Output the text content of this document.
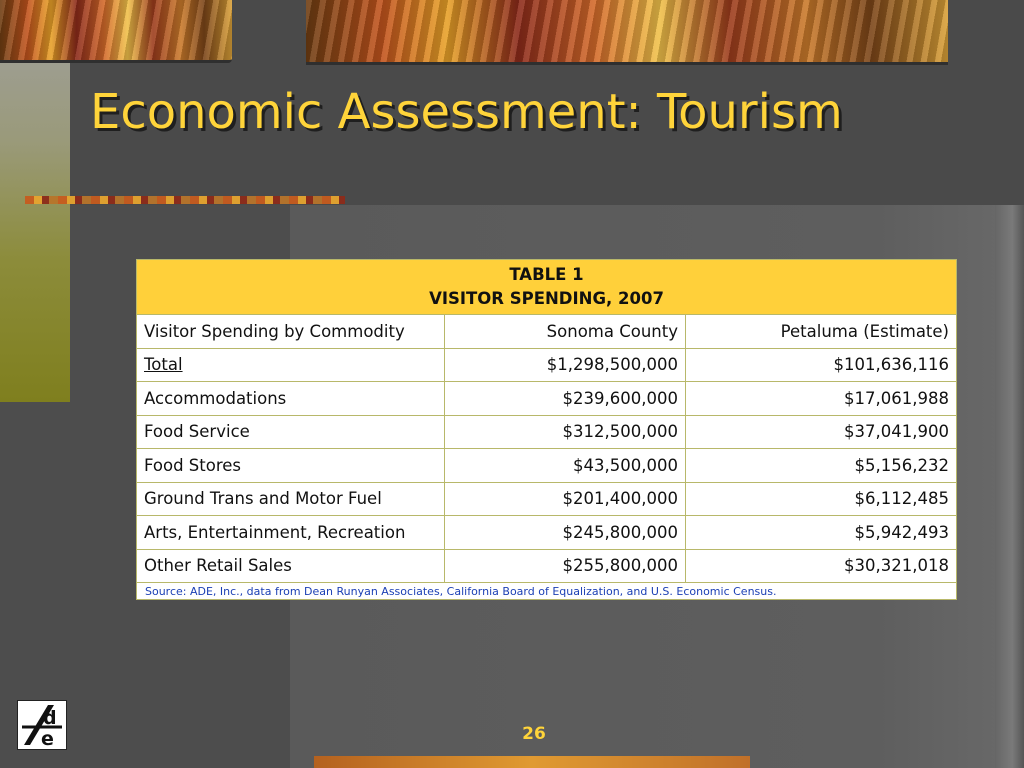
Economic Assessment: Tourism
TABLE 1
VISITOR SPENDING, 2007		
Visitor Spending by Commodity	Sonoma County	Petaluma (Estimate)
Total	$1,298,500,000	$101,636,116
Accommodations	$239,600,000	$17,061,988
Food Service	$312,500,000	$37,041,900
Food Stores	$43,500,000	$5,156,232
Ground Trans and Motor Fuel	$201,400,000	$6,112,485
Arts, Entertainment, Recreation	$245,800,000	$5,942,493
Other Retail Sales	$255,800,000	$30,321,018
Source: ADE, Inc., data from Dean Runyan Associates, California Board of Equalization, and U.S. Economic Census.		
d
e	26
